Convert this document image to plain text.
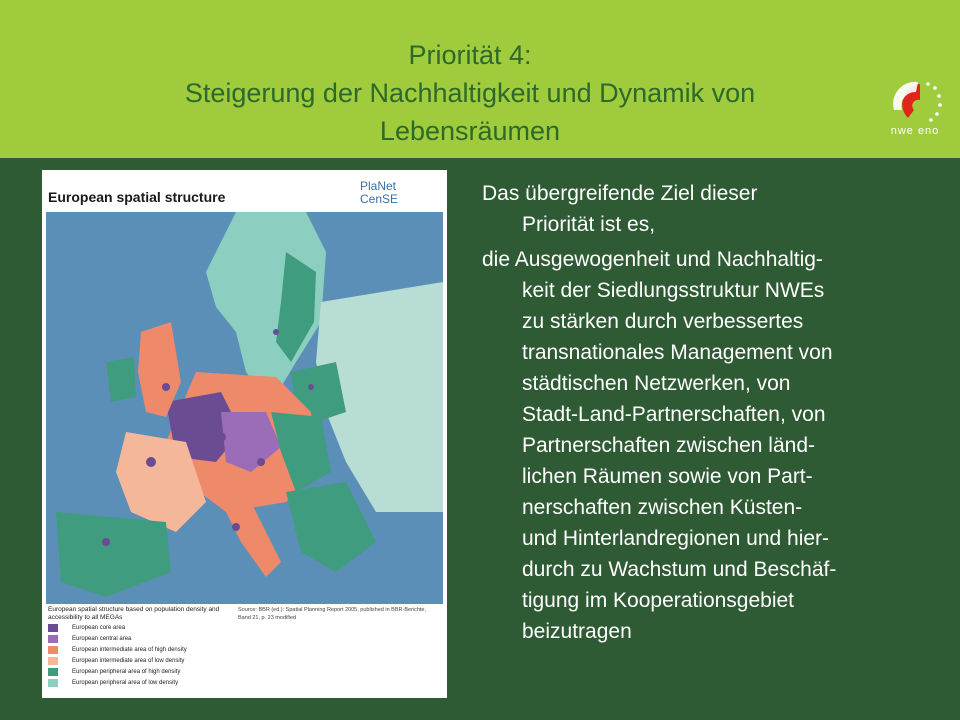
Priorität 4:
Steigerung der Nachhaltigkeit und Dynamik von
Lebensräumen	nwe eno
European spatial structure
PlaNet
CenSE
European spatial structure based on population density and accessibility to all MEGAs
Source: BBR (ed.): Spatial Planning Report 2005, published in BBR-Berichte, Band 21, p. 23 modified
European core area
European central area
European intermediate area of high density
European intermediate area of low density
European peripheral area of high density
European peripheral area of low density
Das übergreifende Ziel dieser
Priorität ist es,
die Ausgewogenheit und Nachhaltig-
keit der Siedlungsstruktur NWEs
zu stärken durch verbessertes
transnationales Management von
städtischen Netzwerken, von
Stadt-Land-Partnerschaften, von
Partnerschaften zwischen länd-
lichen Räumen sowie von Part-
nerschaften zwischen Küsten-
und Hinterlandregionen und hier-
durch zu Wachstum und Beschäf-
tigung im Kooperationsgebiet
beizutragen
